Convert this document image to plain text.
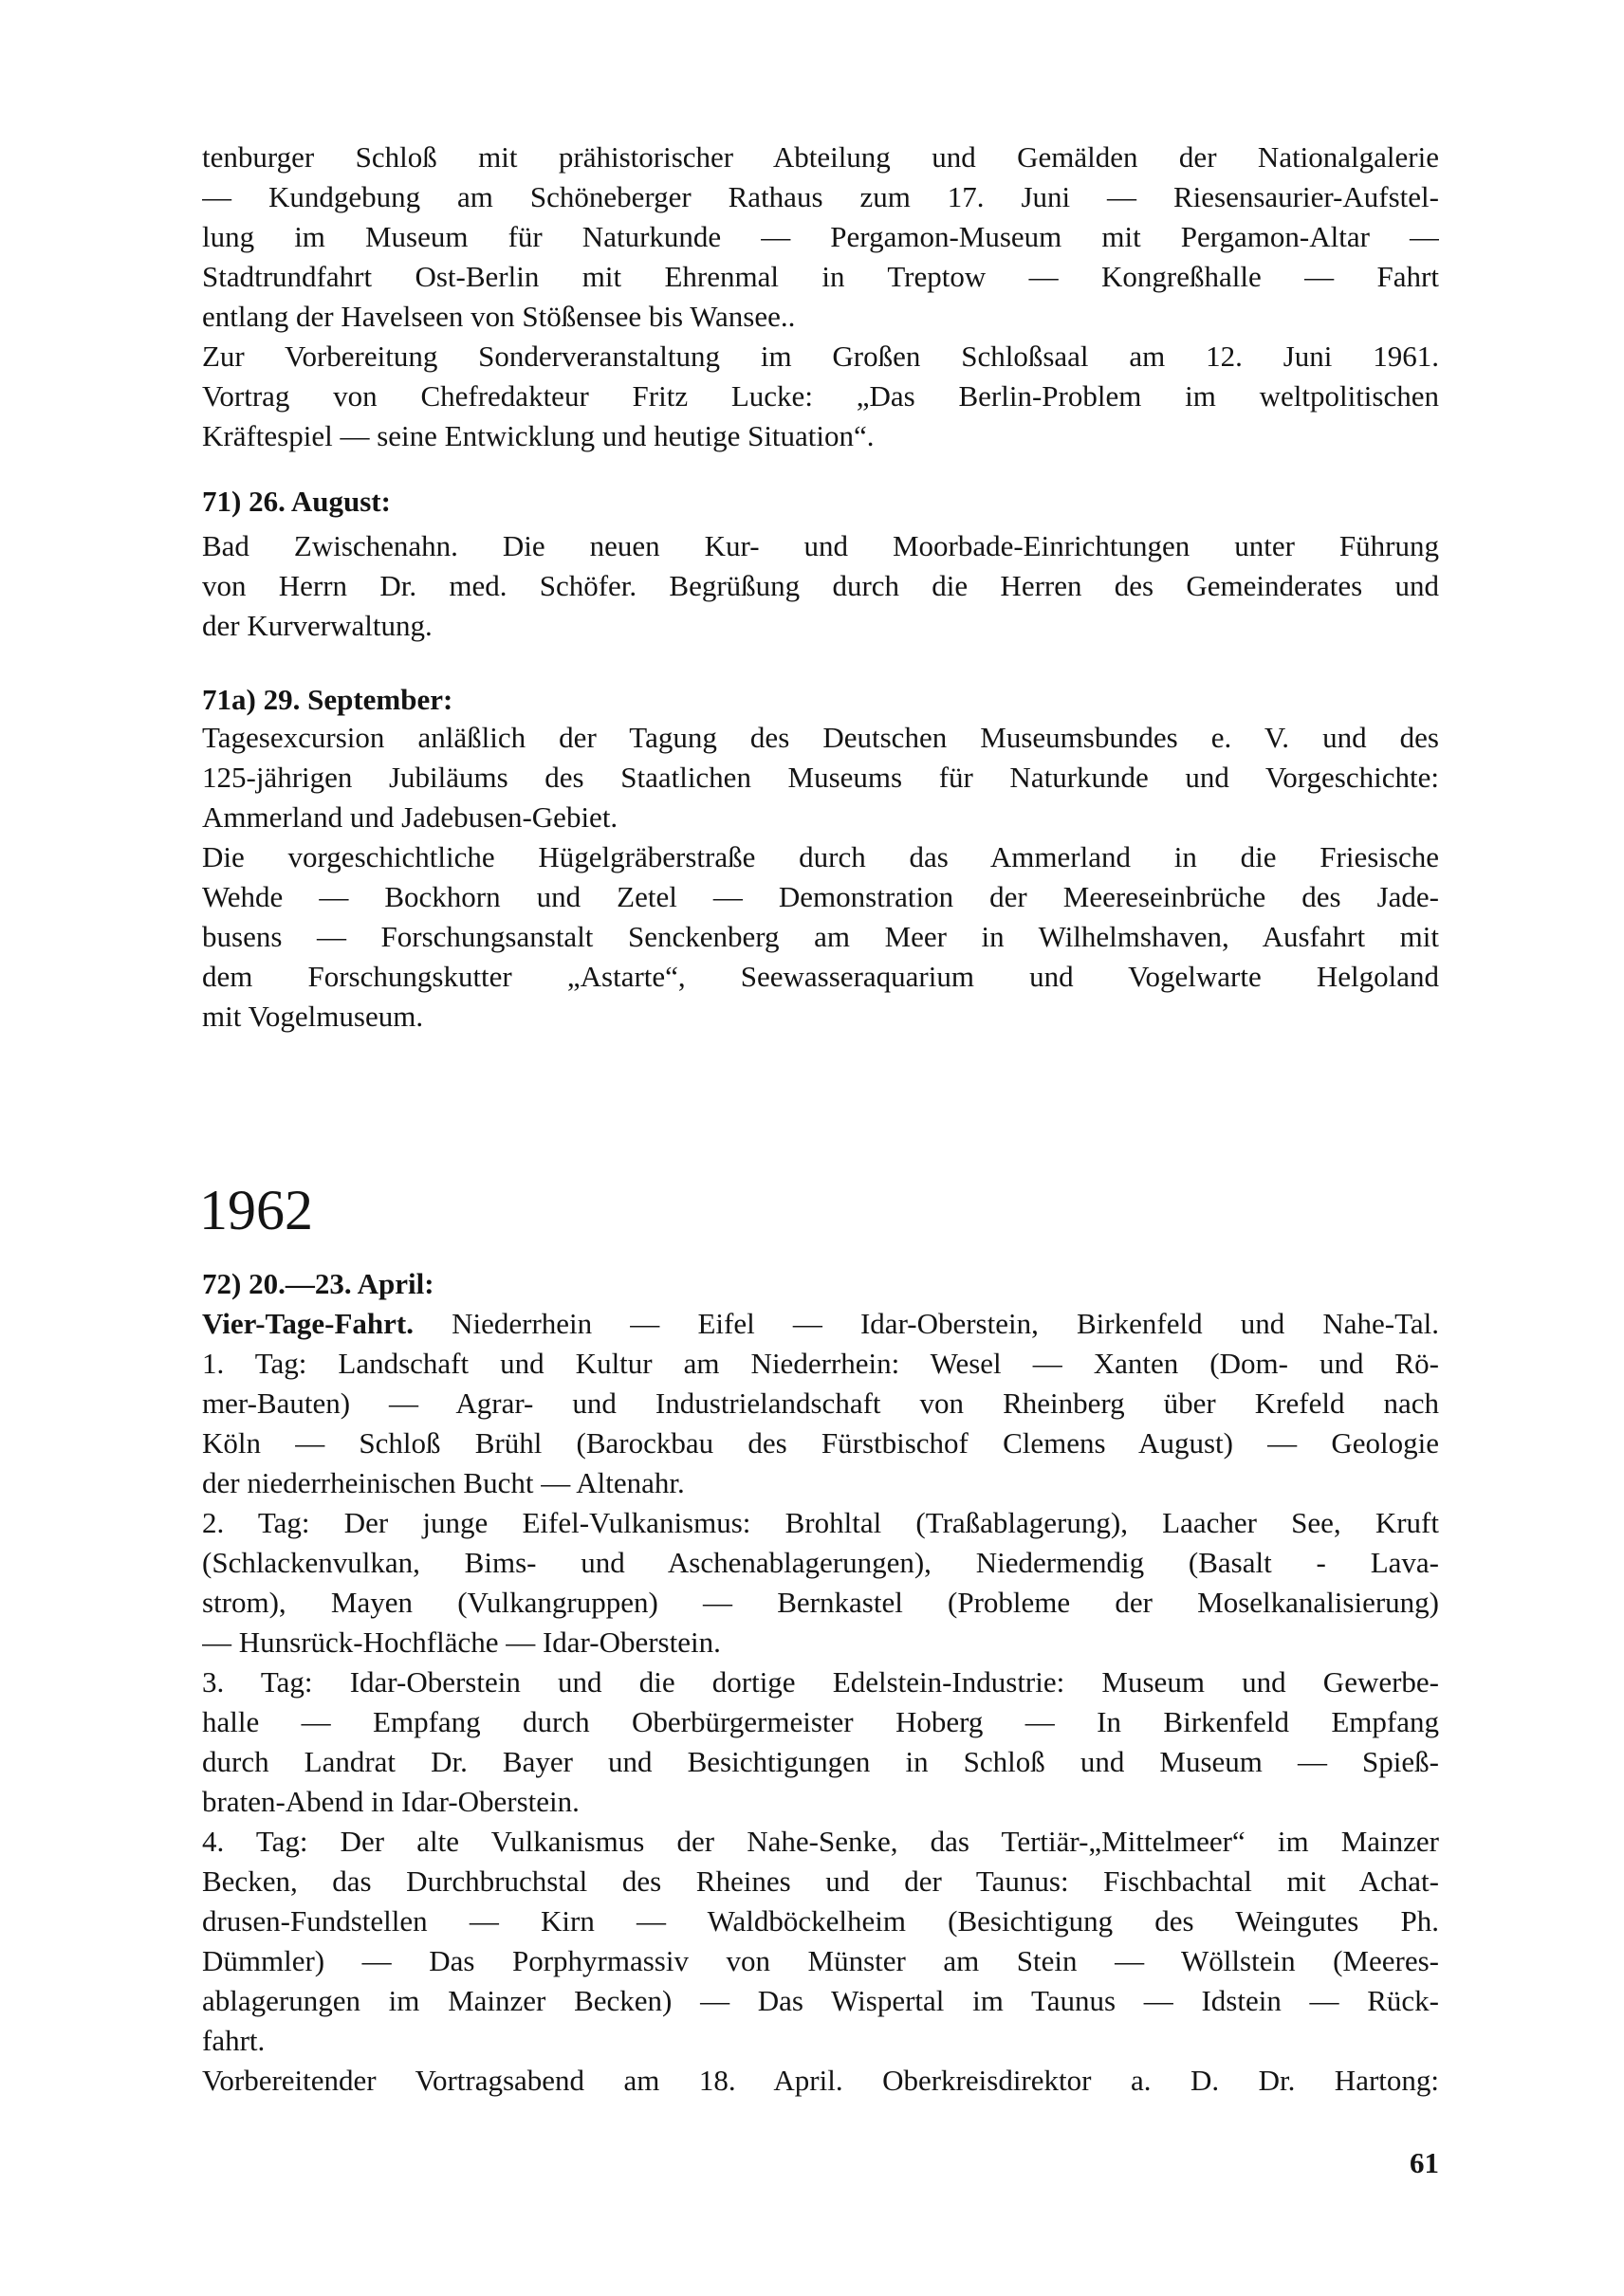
tenburger Schloß mit prähistorischer Abteilung und Gemälden der Nationalgalerie
— Kundgebung am Schöneberger Rathaus zum 17. Juni — Riesensaurier-Aufstel-
lung im Museum für Naturkunde — Pergamon-Museum mit Pergamon-Altar —
Stadtrundfahrt Ost-Berlin mit Ehrenmal in Treptow — Kongreßhalle — Fahrt
entlang der Havelseen von Stößensee bis Wansee..
Zur Vorbereitung Sonderveranstaltung im Großen Schloßsaal am 12. Juni 1961.
Vortrag von Chefredakteur Fritz Lucke: „Das Berlin-Problem im weltpolitischen
Kräftespiel — seine Entwicklung und heutige Situation“.
71) 26. August:
Bad Zwischenahn. Die neuen Kur- und Moorbade-Einrichtungen unter Führung
von Herrn Dr. med. Schöfer. Begrüßung durch die Herren des Gemeinderates und
der Kurverwaltung.
71a) 29. September:
Tagesexcursion anläßlich der Tagung des Deutschen Museumsbundes e. V. und des
125-jährigen Jubiläums des Staatlichen Museums für Naturkunde und Vorgeschichte:
Ammerland und Jadebusen-Gebiet.
Die vorgeschichtliche Hügelgräberstraße durch das Ammerland in die Friesische
Wehde — Bockhorn und Zetel — Demonstration der Meereseinbrüche des Jade-
busens — Forschungsanstalt Senckenberg am Meer in Wilhelmshaven, Ausfahrt mit
dem Forschungskutter „Astarte“, Seewasseraquarium und Vogelwarte Helgoland
mit Vogelmuseum.
1962
72) 20.—23. April:
Vier-Tage-Fahrt. Niederrhein — Eifel — Idar-Oberstein, Birkenfeld und Nahe-Tal.
1. Tag: Landschaft und Kultur am Niederrhein: Wesel — Xanten (Dom- und Rö-
mer-Bauten) — Agrar- und Industrielandschaft von Rheinberg über Krefeld nach
Köln — Schloß Brühl (Barockbau des Fürstbischof Clemens August) — Geologie
der niederrheinischen Bucht — Altenahr.
2. Tag: Der junge Eifel-Vulkanismus: Brohltal (Traßablagerung), Laacher See, Kruft
(Schlackenvulkan, Bims- und Aschenablagerungen), Niedermendig (Basalt - Lava-
strom), Mayen (Vulkangruppen) — Bernkastel (Probleme der Moselkanalisierung)
— Hunsrück-Hochfläche — Idar-Oberstein.
3. Tag: Idar-Oberstein und die dortige Edelstein-Industrie: Museum und Gewerbe-
halle — Empfang durch Oberbürgermeister Hoberg — In Birkenfeld Empfang
durch Landrat Dr. Bayer und Besichtigungen in Schloß und Museum — Spieß-
braten-Abend in Idar-Oberstein.
4. Tag: Der alte Vulkanismus der Nahe-Senke, das Tertiär-„Mittelmeer“ im Mainzer
Becken, das Durchbruchstal des Rheines und der Taunus: Fischbachtal mit Achat-
drusen-Fundstellen — Kirn — Waldböckelheim (Besichtigung des Weingutes Ph.
Dümmler) — Das Porphyrmassiv von Münster am Stein — Wöllstein (Meeres-
ablagerungen im Mainzer Becken) — Das Wispertal im Taunus — Idstein — Rück-
fahrt.
Vorbereitender Vortragsabend am 18. April. Oberkreisdirektor a. D. Dr. Hartong:
61
